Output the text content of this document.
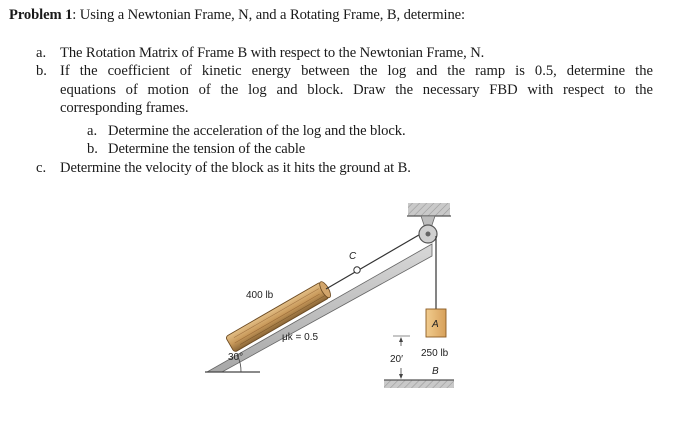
Problem 1: Using a Newtonian Frame, N, and a Rotating Frame, B, determine:
a. The Rotation Matrix of Frame B with respect to the Newtonian Frame, N.
b. If the coefficient of kinetic energy between the log and the ramp is 0.5, determine the
equations of motion of the log and block. Draw the necessary FBD with respect to the
corresponding frames.
a. Determine the acceleration of the log and the block.
b. Determine the tension of the cable
c. Determine the velocity of the block as it hits the ground at B.
400 lb
μk = 0.5
30°
C
A
250 lb
20′
B
